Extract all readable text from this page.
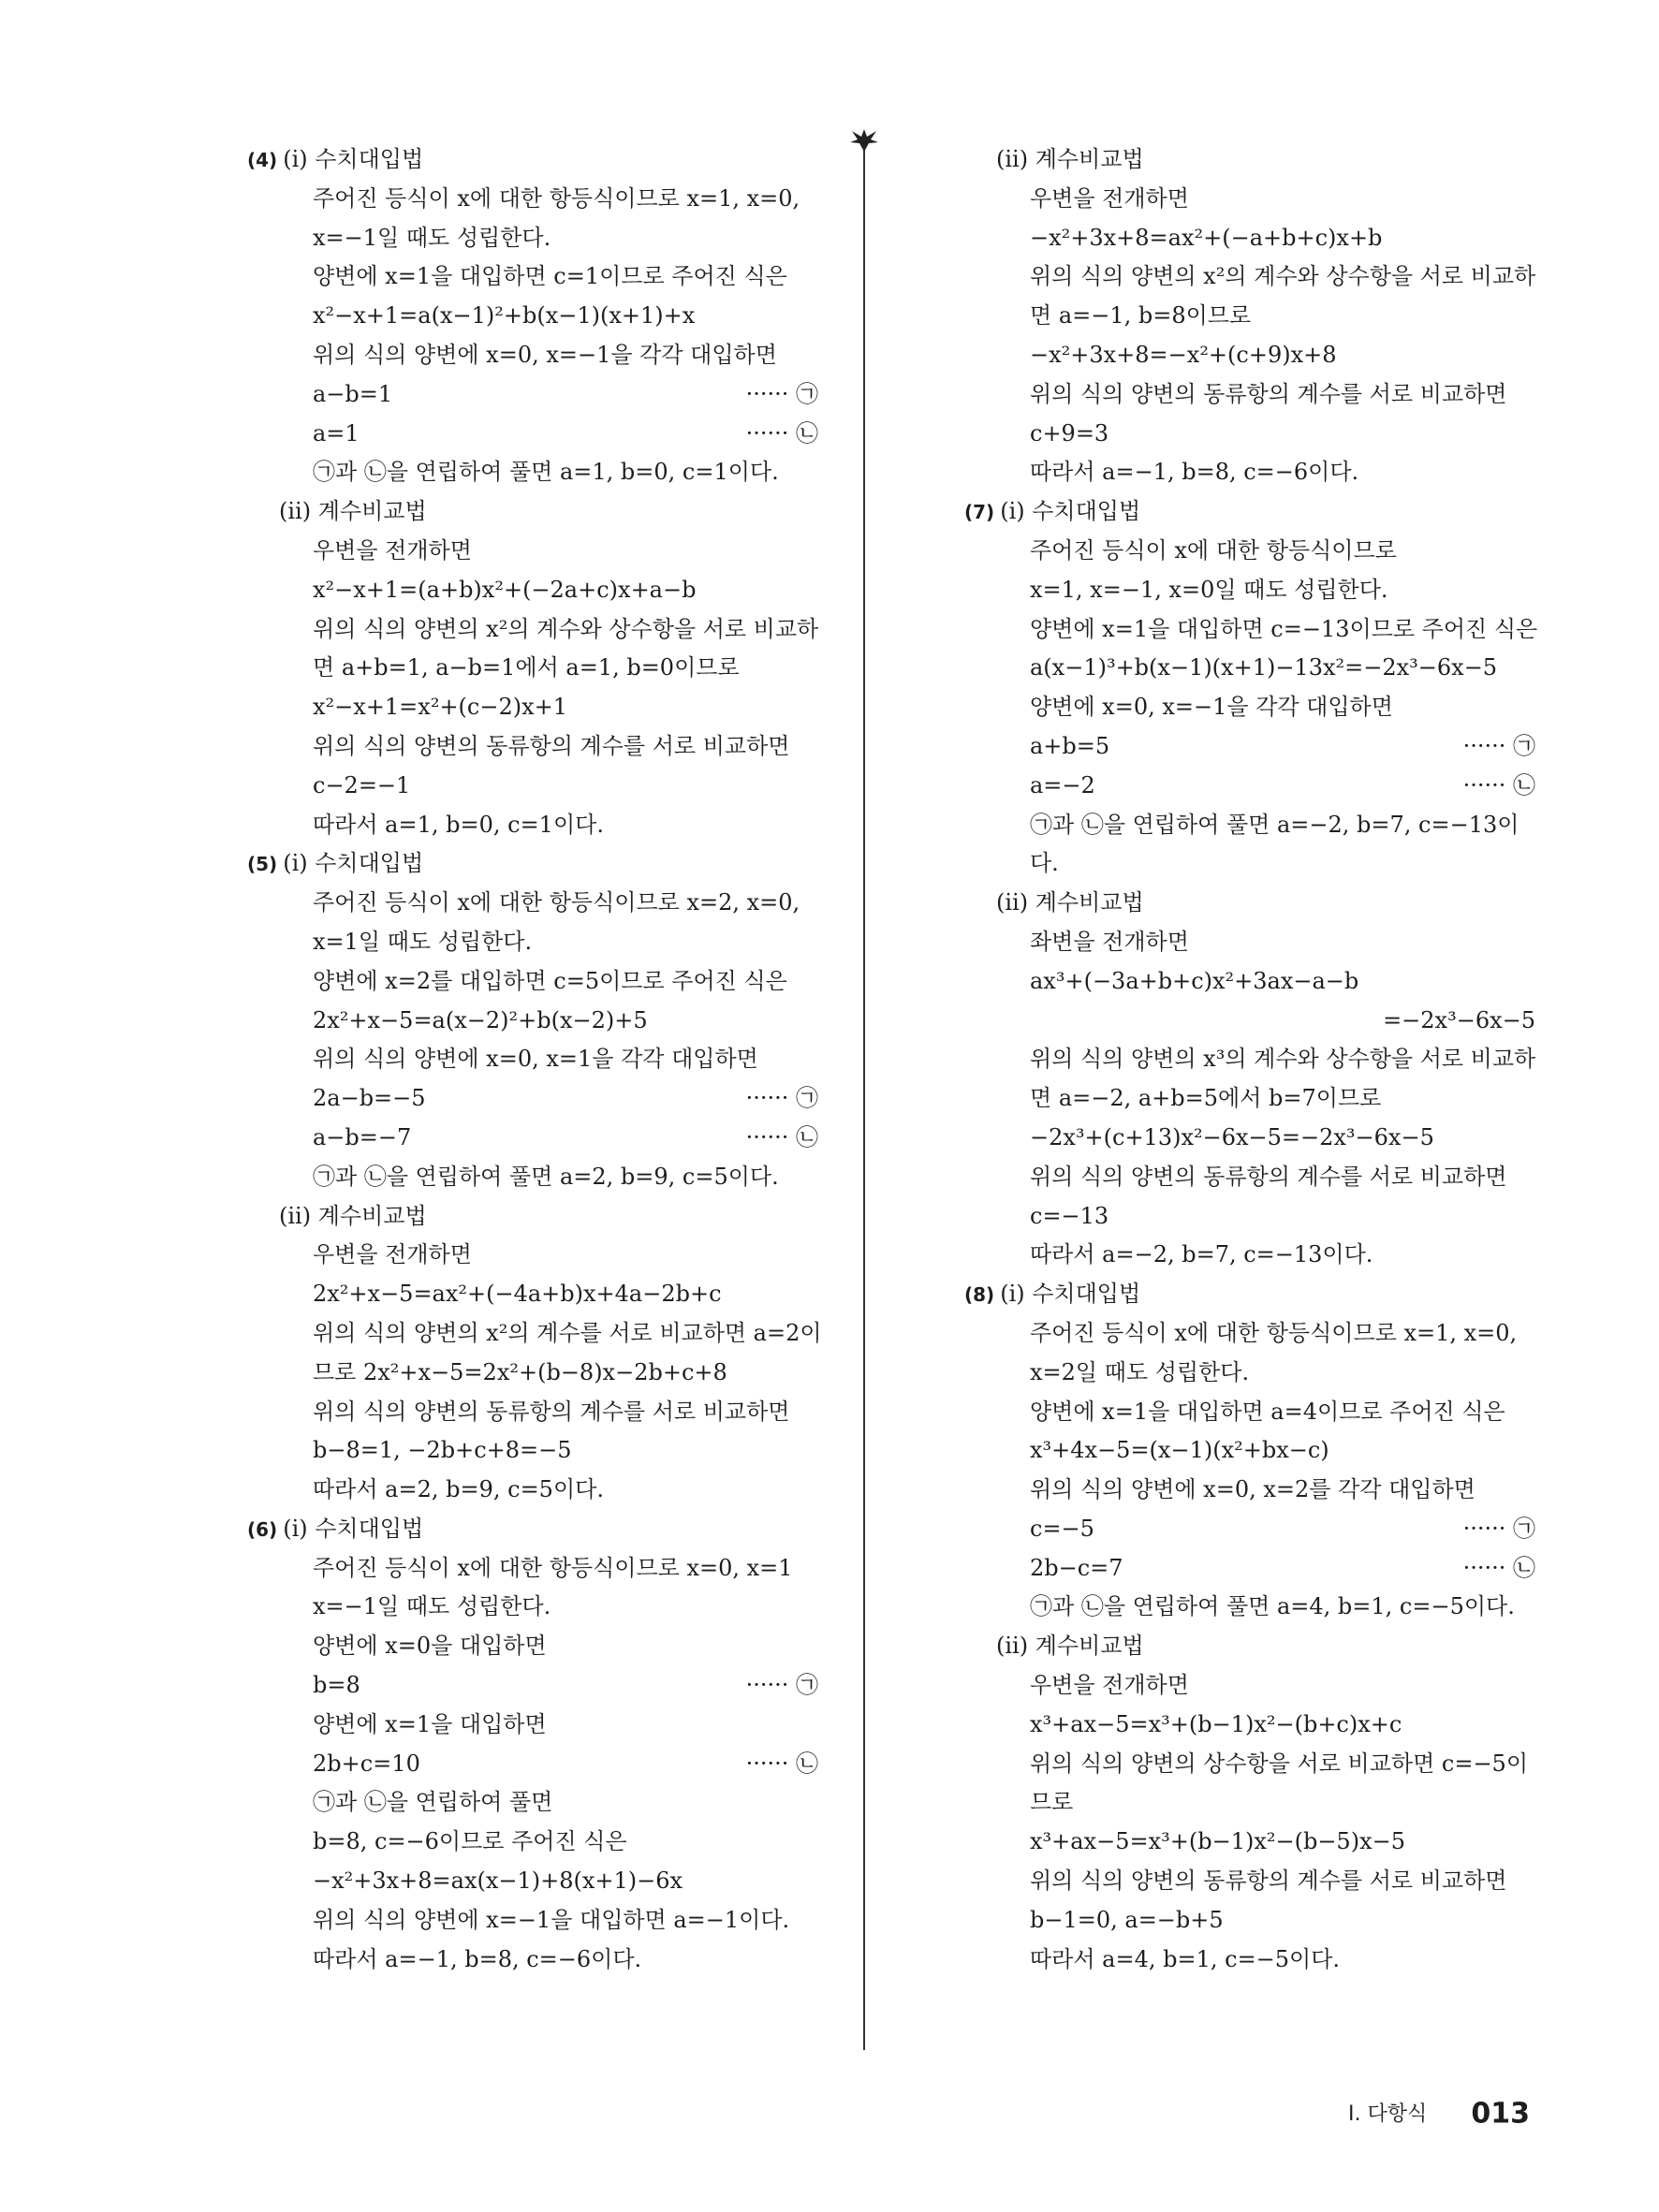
(4) (ⅰ) 수치대입법
주어진 등식이 x에 대한 항등식이므로 x=1, x=0,
x=−1일 때도 성립한다.
양변에 x=1을 대입하면 c=1이므로 주어진 식은
x²−x+1=a(x−1)²+b(x−1)(x+1)+x
위의 식의 양변에 x=0, x=−1을 각각 대입하면
a−b=1	······ ㉠
a=1	······ ㉡
㉠과 ㉡을 연립하여 풀면 a=1, b=0, c=1이다.
(ⅱ) 계수비교법
우변을 전개하면
x²−x+1=(a+b)x²+(−2a+c)x+a−b
위의 식의 양변의 x²의 계수와 상수항을 서로 비교하
면 a+b=1, a−b=1에서 a=1, b=0이므로
x²−x+1=x²+(c−2)x+1
위의 식의 양변의 동류항의 계수를 서로 비교하면
c−2=−1
따라서 a=1, b=0, c=1이다.
(5) (ⅰ) 수치대입법
주어진 등식이 x에 대한 항등식이므로 x=2, x=0,
x=1일 때도 성립한다.
양변에 x=2를 대입하면 c=5이므로 주어진 식은
2x²+x−5=a(x−2)²+b(x−2)+5
위의 식의 양변에 x=0, x=1을 각각 대입하면
2a−b=−5	······ ㉠
a−b=−7	······ ㉡
㉠과 ㉡을 연립하여 풀면 a=2, b=9, c=5이다.
(ⅱ) 계수비교법
우변을 전개하면
2x²+x−5=ax²+(−4a+b)x+4a−2b+c
위의 식의 양변의 x²의 계수를 서로 비교하면 a=2이
므로 2x²+x−5=2x²+(b−8)x−2b+c+8
위의 식의 양변의 동류항의 계수를 서로 비교하면
b−8=1, −2b+c+8=−5
따라서 a=2, b=9, c=5이다.
(6) (ⅰ) 수치대입법
주어진 등식이 x에 대한 항등식이므로 x=0, x=1
x=−1일 때도 성립한다.
양변에 x=0을 대입하면
b=8	······ ㉠
양변에 x=1을 대입하면
2b+c=10	······ ㉡
㉠과 ㉡을 연립하여 풀면
b=8, c=−6이므로 주어진 식은
−x²+3x+8=ax(x−1)+8(x+1)−6x
위의 식의 양변에 x=−1을 대입하면 a=−1이다.
따라서 a=−1, b=8, c=−6이다.
(ⅱ) 계수비교법
우변을 전개하면
−x²+3x+8=ax²+(−a+b+c)x+b
위의 식의 양변의 x²의 계수와 상수항을 서로 비교하
면 a=−1, b=8이므로
−x²+3x+8=−x²+(c+9)x+8
위의 식의 양변의 동류항의 계수를 서로 비교하면
c+9=3
따라서 a=−1, b=8, c=−6이다.
(7) (ⅰ) 수치대입법
주어진 등식이 x에 대한 항등식이므로
x=1, x=−1, x=0일 때도 성립한다.
양변에 x=1을 대입하면 c=−13이므로 주어진 식은
a(x−1)³+b(x−1)(x+1)−13x²=−2x³−6x−5
양변에 x=0, x=−1을 각각 대입하면
a+b=5	······ ㉠
a=−2	······ ㉡
㉠과 ㉡을 연립하여 풀면 a=−2, b=7, c=−13이
다.
(ⅱ) 계수비교법
좌변을 전개하면
ax³+(−3a+b+c)x²+3ax−a−b
=−2x³−6x−5
위의 식의 양변의 x³의 계수와 상수항을 서로 비교하
면 a=−2, a+b=5에서 b=7이므로
−2x³+(c+13)x²−6x−5=−2x³−6x−5
위의 식의 양변의 동류항의 계수를 서로 비교하면
c=−13
따라서 a=−2, b=7, c=−13이다.
(8) (ⅰ) 수치대입법
주어진 등식이 x에 대한 항등식이므로 x=1, x=0,
x=2일 때도 성립한다.
양변에 x=1을 대입하면 a=4이므로 주어진 식은
x³+4x−5=(x−1)(x²+bx−c)
위의 식의 양변에 x=0, x=2를 각각 대입하면
c=−5	······ ㉠
2b−c=7	······ ㉡
㉠과 ㉡을 연립하여 풀면 a=4, b=1, c=−5이다.
(ⅱ) 계수비교법
우변을 전개하면
x³+ax−5=x³+(b−1)x²−(b+c)x+c
위의 식의 양변의 상수항을 서로 비교하면 c=−5이
므로
x³+ax−5=x³+(b−1)x²−(b−5)x−5
위의 식의 양변의 동류항의 계수를 서로 비교하면
b−1=0, a=−b+5
따라서 a=4, b=1, c=−5이다.
Ⅰ. 다항식 013
